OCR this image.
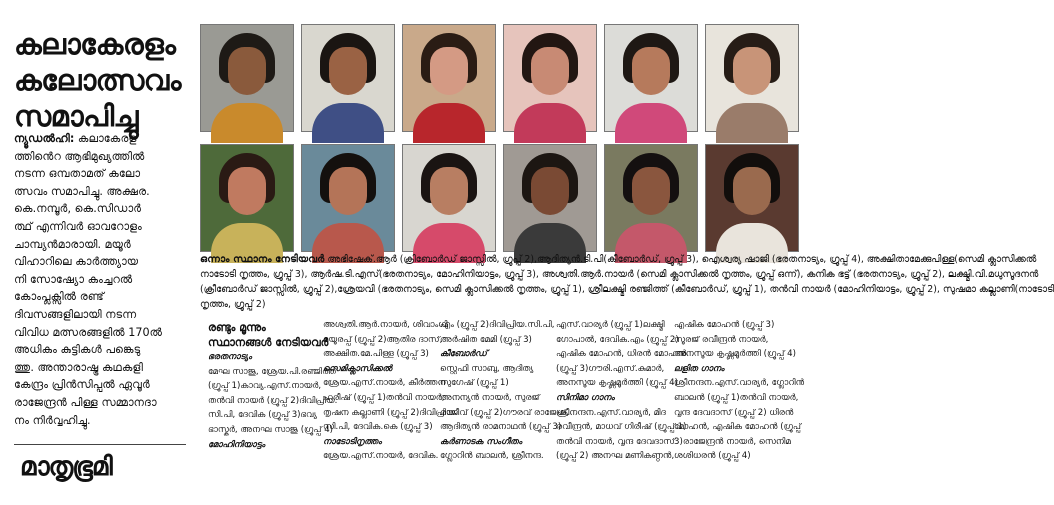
കലാകേരളം
കലോത്സവം
സമാപിച്ചു
ന്യൂഡൽഹി: കലാകേരള
ത്തിൻെറ ആഭിമുഖ്യത്തിൽ
നടന്ന ഒമ്പതാമത് കലോ
ത്സവം സമാപിച്ചു. അക്ഷര.
കെ.നമ്പൂർ, കെ.സിഡാർ
ത്ഥ് എന്നിവർ ഓവറോളം
ചാമ്പ്യൻമാരായി. മയൂർ
വിഹാറിലെ കാർത്ത്യായ
നി സോഷ്യോ കംച്ചറൽ
കോംപ്ലക്സിൽ രണ്ട്
ദിവസങ്ങളിലായി നടന്ന
വിവിധ മത്സരങ്ങളിൽ 170ൽ
അധികം കുട്ടികൾ പങ്കെടു
ത്തു. അന്താരാഷ്ട്ര കഥകളി
കേന്ദ്രം പ്രിൻസിപ്പൽ ഏവൂർ
രാജേന്ദ്രൻ പിള്ള സമ്മാനദാ
നം നിർവ്വഹിച്ചു.
മാതൃഭൂമി
ഒന്നാം സ്ഥാനം നേടിയവർ അഭിഷേക്.ആർ (ക്രിബോർഡ് ജാസ്സിൽ, ഗ്രൂപ്പ് 2),ആദിത്യൻ.ടി.പി(കീബോർഡ്, ഗ്രൂപ്പ് 3), ഐശ്വര്യ ഷാജി (ഭരതനാട്യം, ഗ്രൂപ്പ് 4), അക്ഷിതാമേക്കുപിള്ള(സെമി ക്ലാസിക്കൽ
നാടോടി നൃത്തം, ഗ്രൂപ്പ് 3), ആർഷ.ടി.എസ്(ഭരതനാട്യം, മോഹിനിയാട്ടം, ഗ്രൂപ്പ് 3), അശ്വതി.ആർ.നായർ (സെമി ക്ലാസിക്കൽ നൃത്തം, ഗ്രൂപ്പ് ഒന്ന്), കനിക ഭട്ട് (ഭരതനാട്യം, ഗ്രൂപ്പ് 2), ലക്ഷ്മി.വി.മധുസൂദനൻ
(ക്രീബോർഡ് ജാസ്സിൽ, ഗ്രൂപ്പ് 2),ശ്രേയവി (ഭരതനാട്യം, സെമി ക്ലാസിക്കൽ നൃത്തം, ഗ്രൂപ്പ് 1), ശ്രീലക്ഷ്മി രഞ്ജിത്ത് (കീബോർഡ്, ഗ്രൂപ്പ് 1), തൻവി നായർ (മോഹിനിയാട്ടം, ഗ്രൂപ്പ് 2), സുഷമാ കല്ലാണി(നാടോടി
നൃത്തം, ഗ്രൂപ്പ് 2)
രണ്ടും മൂന്നും
സ്ഥാനങ്ങൾ നേടിയവർ
ഭരതനാട്യം
മേഘ സാജു, ശ്രേയ.പി.രഞ്ജിത്ത്
(ഗ്രൂപ്പ് 1)കാവ്യ.എസ്.നായർ,
തൻവി നായർ (ഗ്രൂപ്പ് 2)ദിവിപ്രിയ.
സി.പി, ദേവിക (ഗ്രൂപ്പ് 3)ഭവ്യ
ഭാസ്കർ, അനഘ സാജു (ഗ്രൂപ്പ് 4)
മോഹിനിയാട്ടം
അശ്വതി.ആർ.നായർ, ശിവാംഗി
മയൂരപ്പ് (ഗ്രൂപ്പ് 2)ആതിര ദാസ്,
അക്ഷിത.മേ.പിള്ള (ഗ്രൂപ്പ് 3)
സെമിക്ലാസിക്കൽ
ശ്രേയ.എസ്.നായർ, കീർത്തന
ഹരീഷ് (ഗ്രൂപ്പ് 1)തൻവി നായർ,
തൃഷന കല്ലാണി (ഗ്രൂപ്പ് 2)ദിവിപ്രിയ.
സി.പി, ദേവിക.കെ (ഗ്രൂപ്പ് 3)
നാടോടിനൃത്തം
ശ്രേയ.എസ്.നായർ, ദേവിക.
എം (ഗ്രൂപ്പ് 2)ദിവിപ്രിയ.സി.പി,
അർഷിത മേമി (ഗ്രൂപ്പ് 3)
കീബോർഡ്
സ്റ്റെഫി സാബു, ആദിത്യ
സുഗേഷ് (ഗ്രൂപ്പ് 1)
അനന്യൻ നായർ, സുരജ്
രാജീവ് (ഗ്രൂപ്പ് 2)ഗൗരവ് രാജേഷ്,
ആദിത്യൻ രാമനാഥൻ (ഗ്രൂപ്പ് 3)
കർണാടക സംഗീതം
ഗ്ലോറിൻ ബാലൻ, ശ്രീനന്ദ.
എസ്.വാര്യർ (ഗ്രൂപ്പ് 1)ലക്ഷ്മി
ഗോപാൽ, ദേവിക.എം (ഗ്രൂപ്പ് 2)
എഷിക മോഹൻ, ധിരൻ മോഹൻ
(ഗ്രൂപ്പ് 3)ഗൗരി.എസ്.കുമാർ,
അനസൂയ കൃഷ്ണമൂർത്തി (ഗ്രൂപ്പ് 4)
സിനിമാ ഗാനം
ശ്രീനന്ദന.എസ്.വാര്യർ, മിദ
രവീന്ദ്രൻ, മാധവ് ഗിരീഷ് (ഗ്രൂപ്പ് 1)
തൻവി നായർ, വൃന്ദ ദേവദാസ്
(ഗ്രൂപ്പ് 2) അനഘ മണികണ്ഠൻ,
എഷിക മോഹൻ (ഗ്രൂപ്പ് 3)
സൂരജ് രവീന്ദ്രൻ നായർ,
അനസൂയ കൃഷ്ണമൂർത്തി (ഗ്രൂപ്പ് 4)
ലളിത ഗാനം
ശ്രീനന്ദന.എസ്.വാര്യർ, ഗ്ലോറിൻ
ബാലൻ (ഗ്രൂപ്പ് 1)തൻവി നായർ,
വൃന്ദ ദേവദാസ് (ഗ്രൂപ്പ് 2) ധിരൻ
മോഹൻ, എഷിക മോഹൻ (ഗ്രൂപ്പ്
3)രാജേന്ദ്രൻ നായർ, സെനിമ
ശശിധരൻ (ഗ്രൂപ്പ് 4)
